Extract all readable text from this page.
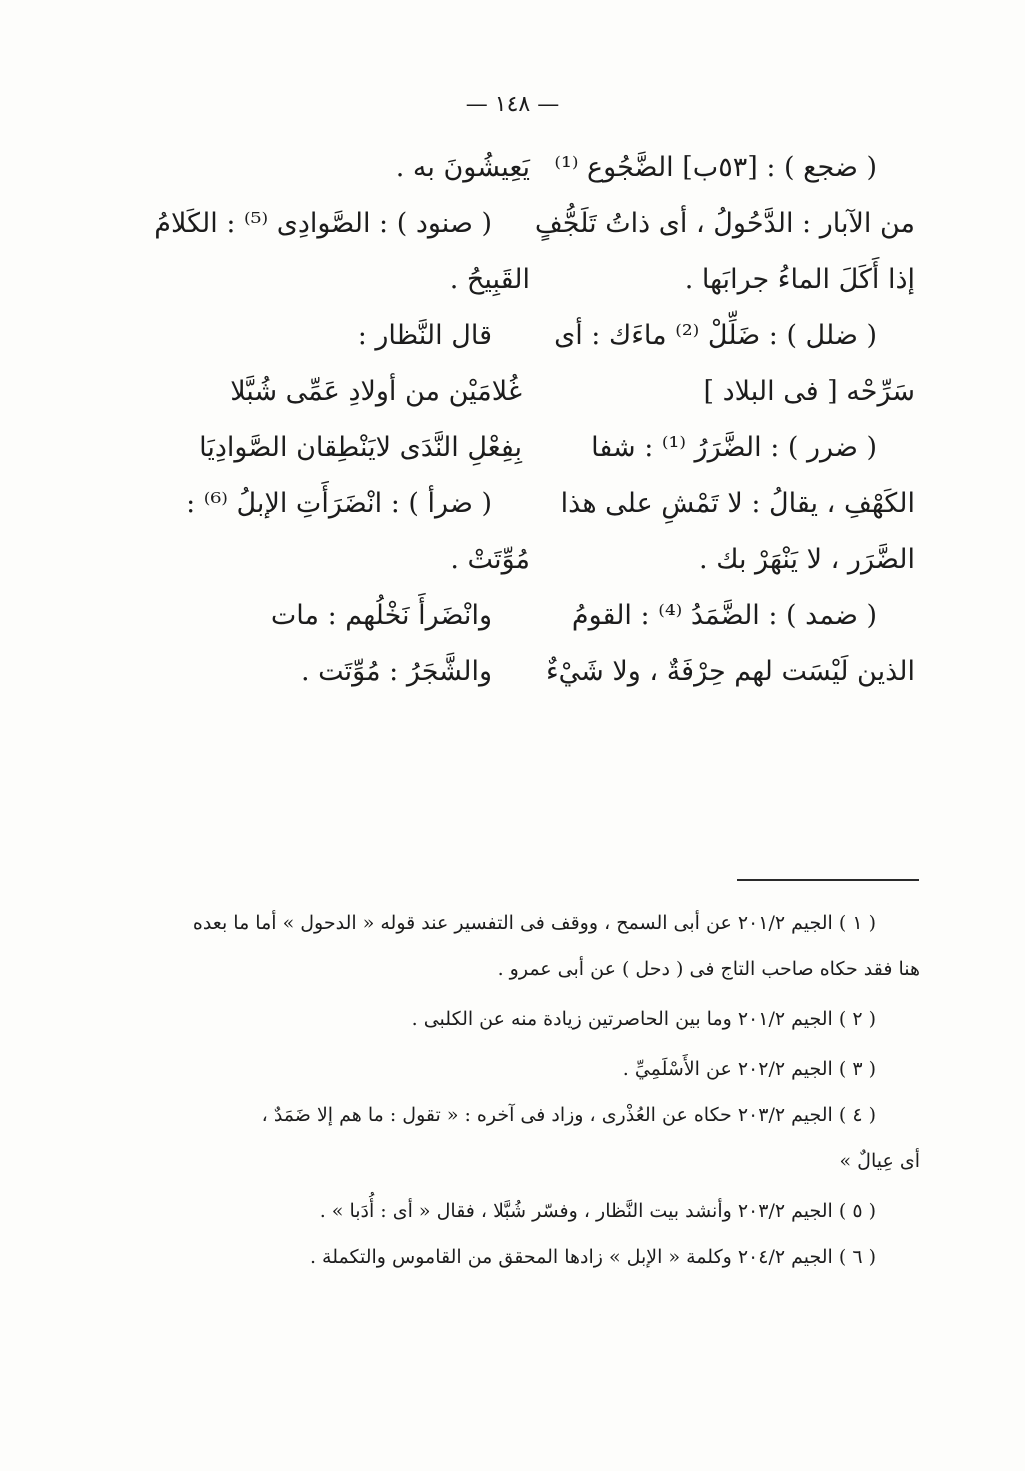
— ١٤٨ —
( ضجع ) : [٥٣ب] الضَّجُوع ⁽¹⁾
من الآبار : الدَّحُولُ ، أى ذاتُ تَلَجُّفٍ
إذا أَكَلَ الماءُ جرابَها .
( ضلل ) : ضَلِّلْ ⁽²⁾ ماءَك : أى
سَرِّحْه [ فى البلاد ]
( ضرر ) : الضَّرَرُ ⁽¹⁾ : شفا
الكَهْفِ ، يقالُ : لا تَمْشِ على هذا
الضَّرَر ، لا يَنْهَرْ بك .
( ضمد ) : الضَّمَدُ ⁽⁴⁾ : القومُ
الذين لَيْسَت لهم حِرْفَةٌ ، ولا شَيْءٌ
يَعِيشُونَ به .
( صنود ) : الصَّوادِى ⁽⁵⁾ : الكَلامُ
القَبِيحُ .
قال النَّظار :
غُلامَيْن من أولادِ عَمِّى شُبَّلا
بِفِعْلِ النَّدَى لايَنْطِقان الصَّوادِيَا
( ضرأ ) : انْضَرَأَتِ الإبلُ ⁽⁶⁾ :
مُوِّتَتْ .
وانْضَرأَ نَخْلُهم : مات
والشَّجَرُ : مُوِّتَت .
( ١ ) الجيم ٢٠١/٢ عن أبى السمح ، ووقف فى التفسير عند قوله « الدحول » أما ما بعده
هنا فقد حكاه صاحب التاج فى ( دحل ) عن أبى عمرو .
( ٢ ) الجيم ٢٠١/٢ وما بين الحاصرتين زيادة منه عن الكلبى .
( ٣ ) الجيم ٢٠٢/٢ عن الأَسْلَمِيِّ .
( ٤ ) الجيم ٢٠٣/٢ حكاه عن العُذْرى ، وزاد فى آخره : « تقول : ما هم إلا ضَمَدٌ ،
أى عِيالٌ »
( ٥ ) الجيم ٢٠٣/٢ وأنشد بيت النَّظار ، وفسّر شُبَّلا ، فقال « أى : أُدَبا » .
( ٦ ) الجيم ٢٠٤/٢ وكلمة « الإبل » زادها المحقق من القاموس والتكملة .
